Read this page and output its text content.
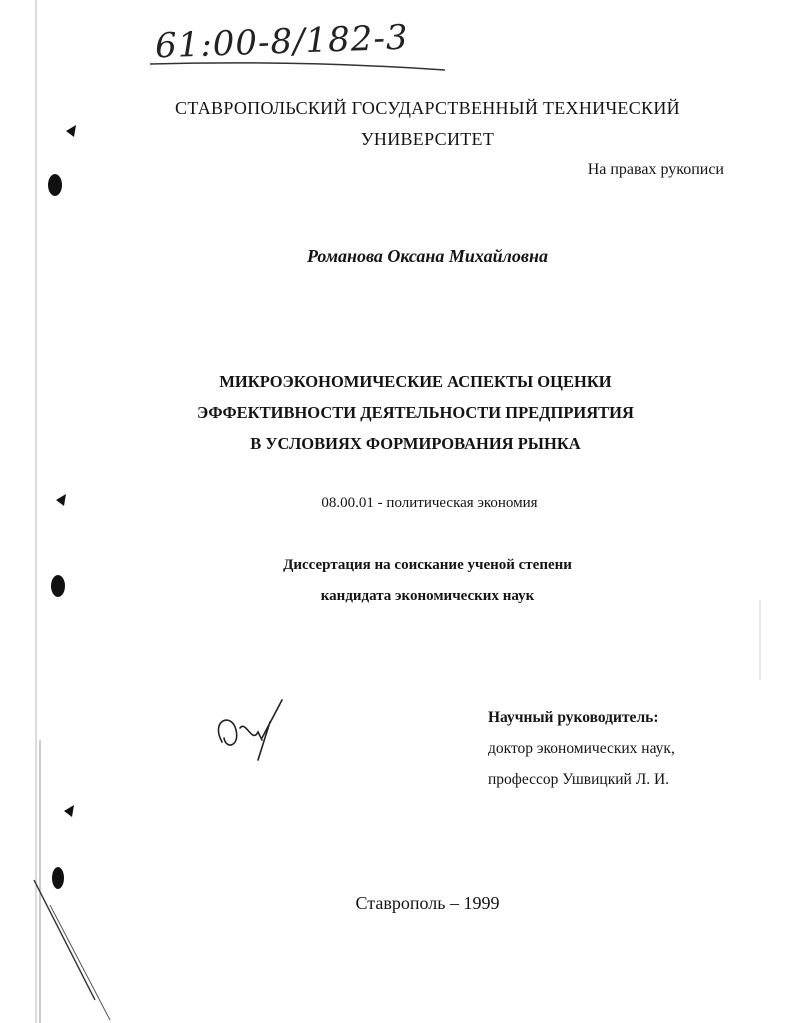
61:00-8/182-3
СТАВРОПОЛЬСКИЙ ГОСУДАРСТВЕННЫЙ ТЕХНИЧЕСКИЙ
УНИВЕРСИТЕТ
На правах рукописи
Романова Оксана Михайловна
МИКРОЭКОНОМИЧЕСКИЕ АСПЕКТЫ ОЦЕНКИ
ЭФФЕКТИВНОСТИ ДЕЯТЕЛЬНОСТИ ПРЕДПРИЯТИЯ
В УСЛОВИЯХ ФОРМИРОВАНИЯ РЫНКА
08.00.01 - политическая экономия
Диссертация на соискание ученой степени
кандидата экономических наук
Научный руководитель:
доктор экономических наук,
профессор Ушвицкий Л. И.
Ставрополь – 1999
